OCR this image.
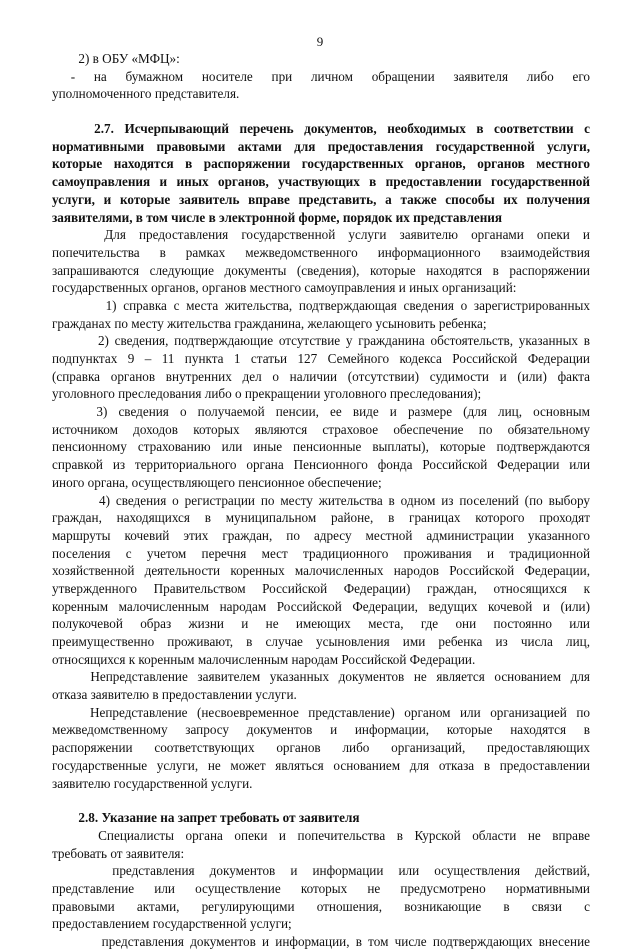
9
2) в ОБУ «МФЦ»:
-  на  бумажном  носителе  при  личном  обращении  заявителя  либо  его
уполномоченного представителя.
2.7.  Исчерпывающий  перечень  документов,  необходимых  в  соответствии  с
нормативными правовыми актами для предоставления государственной услуги,
которые  находятся  в  распоряжении  государственных  органов,  органов  местного
самоуправления и иных органов, участвующих в предоставлении государственной
услуги, и которые заявитель вправе представить, а также способы их получения
заявителями, в том числе в электронной форме, порядок их представления
Для  предоставления  государственной  услуги  заявителю  органами  опеки  и
попечительства  в  рамках  межведомственного  информационного  взаимодействия
запрашиваются следующие документы (сведения), которые находятся в распоряжении
государственных органов, органов местного самоуправления и иных организаций:
1) справка с места жительства, подтверждающая сведения о зарегистрированных
гражданах по месту жительства гражданина, желающего усыновить ребенка;
2) сведения, подтверждающие отсутствие у гражданина обстоятельств, указанных в
подпунктах  9  –  11  пункта  1  статьи  127  Семейного  кодекса  Российской  Федерации
(справка  органов  внутренних  дел  о  наличии  (отсутствии)  судимости  и  (или)  факта
уголовного преследования либо о прекращении уголовного преследования);
3)  сведения  о  получаемой  пенсии,  ее  виде  и  размере  (для  лиц,  основным
источником  доходов  которых  являются  страховое  обеспечение  по  обязательному
пенсионному  страхованию  или  иные  пенсионные  выплаты),  которые  подтверждаются
справкой из территориального органа Пенсионного фонда Российской Федерации или
иного органа, осуществляющего пенсионное обеспечение;
4) сведения о регистрации по месту жительства в одном из поселений (по выбору
граждан,  находящихся  в  муниципальном  районе,  в  границах  которого  проходят
маршруты  кочевий  этих  граждан,  по  адресу  местной  администрации  указанного
поселения  с  учетом  перечня  мест  традиционного  проживания  и  традиционной
хозяйственной деятельности коренных малочисленных народов Российской Федерации,
утвержденного  Правительством  Российской  Федерации)  граждан,  относящихся  к
коренным  малочисленным  народам  Российской  Федерации,  ведущих  кочевой  и  (или)
полукочевой  образ  жизни  и  не  имеющих  места,  где  они  постоянно  или
преимущественно  проживают,  в  случае  усыновления  ими  ребенка  из  числа  лиц,
относящихся к коренным малочисленным народам Российской Федерации.
Непредставление  заявителем  указанных  документов  не  является  основанием  для
отказа заявителю в предоставлении услуги.
Непредставление  (несвоевременное  представление)  органом  или  организацией  по
межведомственному  запросу  документов  и  информации,  которые  находятся  в
распоряжении  соответствующих  органов  либо  организаций,  предоставляющих
государственные услуги, не может являться основанием для отказа в предоставлении
заявителю государственной услуги.
2.8. Указание на запрет требовать от заявителя
Специалисты  органа  опеки  и  попечительства  в  Курской  области  не  вправе
требовать от заявителя:
представления  документов  и  информации  или  осуществления  действий,
представление  или  осуществление  которых  не  предусмотрено  нормативными
правовыми  актами,  регулирующими  отношения,  возникающие  в  связи  с
предоставлением государственной услуги;
представления документов и информации, в том числе подтверждающих внесение
